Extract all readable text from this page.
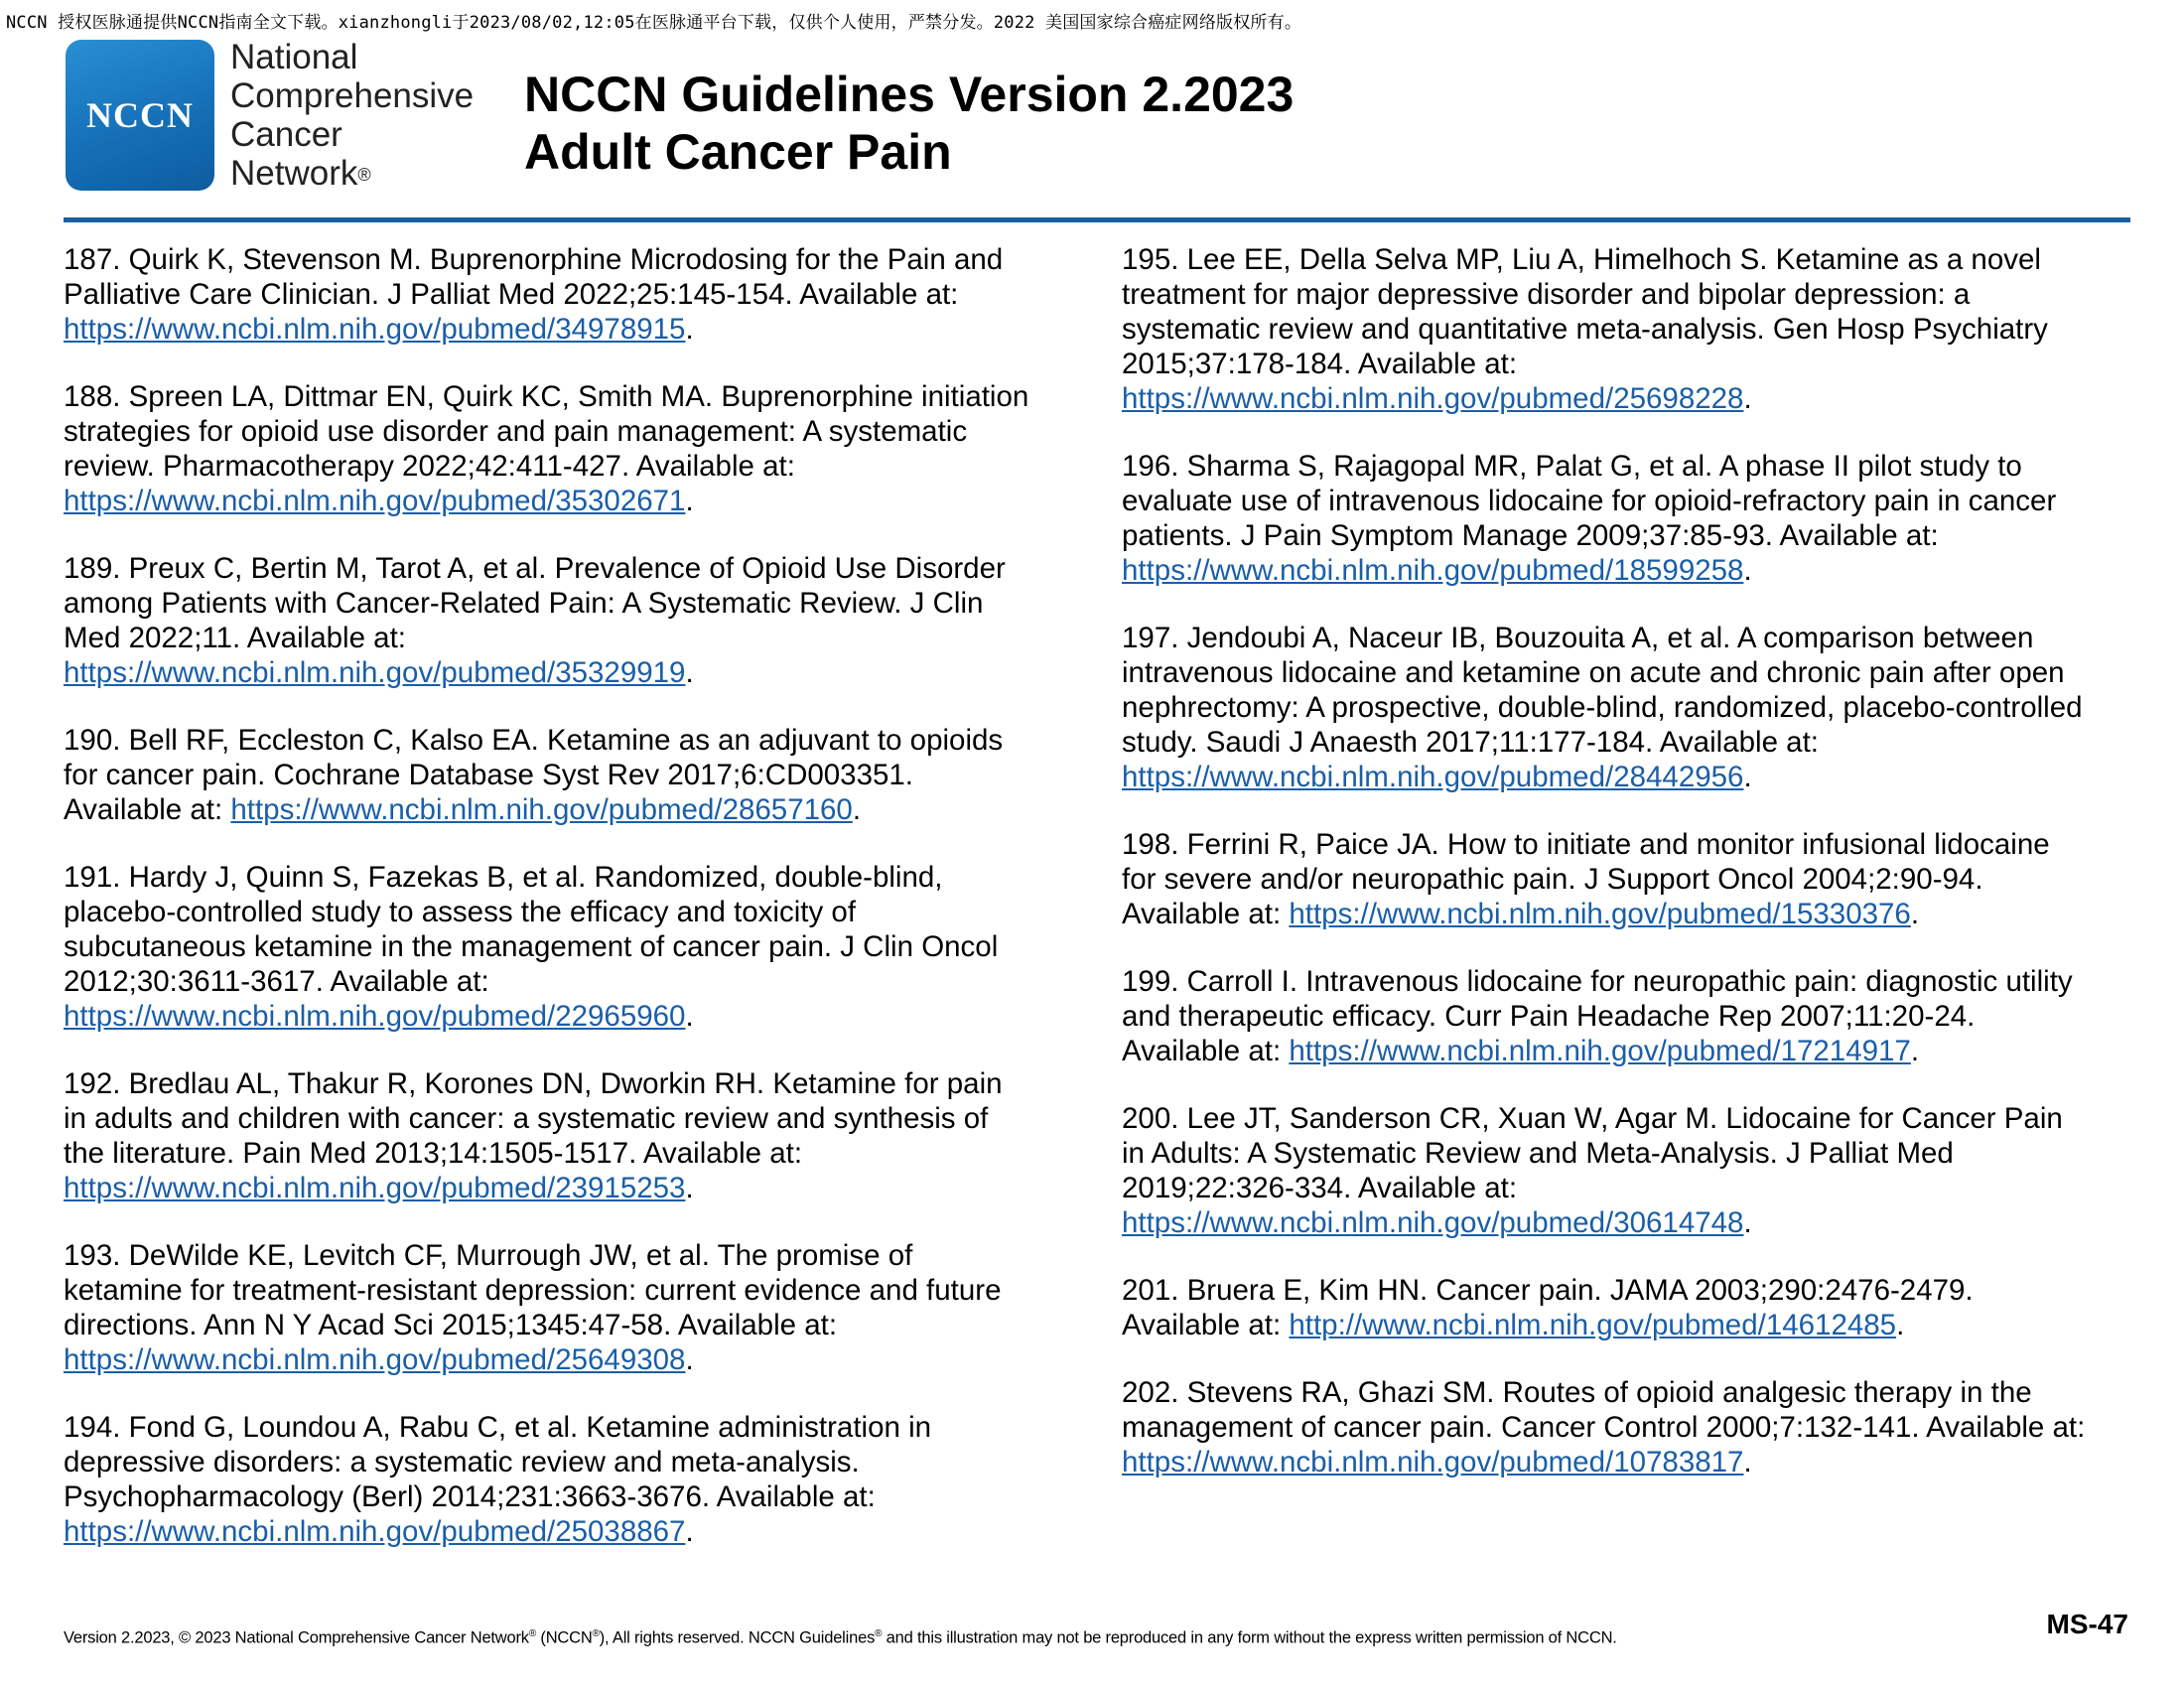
NCCN 授权医脉通提供NCCN指南全文下载。xianzhongli于2023/08/02,12:05在医脉通平台下载，仅供个人使用，严禁分发。2022 美国国家综合癌症网络版权所有。
NCCN
National
Comprehensive
Cancer
Network®
NCCN Guidelines Version 2.2023
Adult Cancer Pain
187. Quirk K, Stevenson M. Buprenorphine Microdosing for the Pain and
Palliative Care Clinician. J Palliat Med 2022;25:145-154. Available at:
https://www.ncbi.nlm.nih.gov/pubmed/34978915.
188. Spreen LA, Dittmar EN, Quirk KC, Smith MA. Buprenorphine initiation
strategies for opioid use disorder and pain management: A systematic
review. Pharmacotherapy 2022;42:411-427. Available at:
https://www.ncbi.nlm.nih.gov/pubmed/35302671.
189. Preux C, Bertin M, Tarot A, et al. Prevalence of Opioid Use Disorder
among Patients with Cancer-Related Pain: A Systematic Review. J Clin
Med 2022;11. Available at:
https://www.ncbi.nlm.nih.gov/pubmed/35329919.
190. Bell RF, Eccleston C, Kalso EA. Ketamine as an adjuvant to opioids
for cancer pain. Cochrane Database Syst Rev 2017;6:CD003351.
Available at: https://www.ncbi.nlm.nih.gov/pubmed/28657160.
191. Hardy J, Quinn S, Fazekas B, et al. Randomized, double-blind,
placebo-controlled study to assess the efficacy and toxicity of
subcutaneous ketamine in the management of cancer pain. J Clin Oncol
2012;30:3611-3617. Available at:
https://www.ncbi.nlm.nih.gov/pubmed/22965960.
192. Bredlau AL, Thakur R, Korones DN, Dworkin RH. Ketamine for pain
in adults and children with cancer: a systematic review and synthesis of
the literature. Pain Med 2013;14:1505-1517. Available at:
https://www.ncbi.nlm.nih.gov/pubmed/23915253.
193. DeWilde KE, Levitch CF, Murrough JW, et al. The promise of
ketamine for treatment-resistant depression: current evidence and future
directions. Ann N Y Acad Sci 2015;1345:47-58. Available at:
https://www.ncbi.nlm.nih.gov/pubmed/25649308.
194. Fond G, Loundou A, Rabu C, et al. Ketamine administration in
depressive disorders: a systematic review and meta-analysis.
Psychopharmacology (Berl) 2014;231:3663-3676. Available at:
https://www.ncbi.nlm.nih.gov/pubmed/25038867.
195. Lee EE, Della Selva MP, Liu A, Himelhoch S. Ketamine as a novel
treatment for major depressive disorder and bipolar depression: a
systematic review and quantitative meta-analysis. Gen Hosp Psychiatry
2015;37:178-184. Available at:
https://www.ncbi.nlm.nih.gov/pubmed/25698228.
196. Sharma S, Rajagopal MR, Palat G, et al. A phase II pilot study to
evaluate use of intravenous lidocaine for opioid-refractory pain in cancer
patients. J Pain Symptom Manage 2009;37:85-93. Available at:
https://www.ncbi.nlm.nih.gov/pubmed/18599258.
197. Jendoubi A, Naceur IB, Bouzouita A, et al. A comparison between
intravenous lidocaine and ketamine on acute and chronic pain after open
nephrectomy: A prospective, double-blind, randomized, placebo-controlled
study. Saudi J Anaesth 2017;11:177-184. Available at:
https://www.ncbi.nlm.nih.gov/pubmed/28442956.
198. Ferrini R, Paice JA. How to initiate and monitor infusional lidocaine
for severe and/or neuropathic pain. J Support Oncol 2004;2:90-94.
Available at: https://www.ncbi.nlm.nih.gov/pubmed/15330376.
199. Carroll I. Intravenous lidocaine for neuropathic pain: diagnostic utility
and therapeutic efficacy. Curr Pain Headache Rep 2007;11:20-24.
Available at: https://www.ncbi.nlm.nih.gov/pubmed/17214917.
200. Lee JT, Sanderson CR, Xuan W, Agar M. Lidocaine for Cancer Pain
in Adults: A Systematic Review and Meta-Analysis. J Palliat Med
2019;22:326-334. Available at:
https://www.ncbi.nlm.nih.gov/pubmed/30614748.
201. Bruera E, Kim HN. Cancer pain. JAMA 2003;290:2476-2479.
Available at: http://www.ncbi.nlm.nih.gov/pubmed/14612485.
202. Stevens RA, Ghazi SM. Routes of opioid analgesic therapy in the
management of cancer pain. Cancer Control 2000;7:132-141. Available at:
https://www.ncbi.nlm.nih.gov/pubmed/10783817.
Version 2.2023, © 2023 National Comprehensive Cancer Network® (NCCN®), All rights reserved. NCCN Guidelines® and this illustration may not be reproduced in any form without the express written permission of NCCN.	MS-47
